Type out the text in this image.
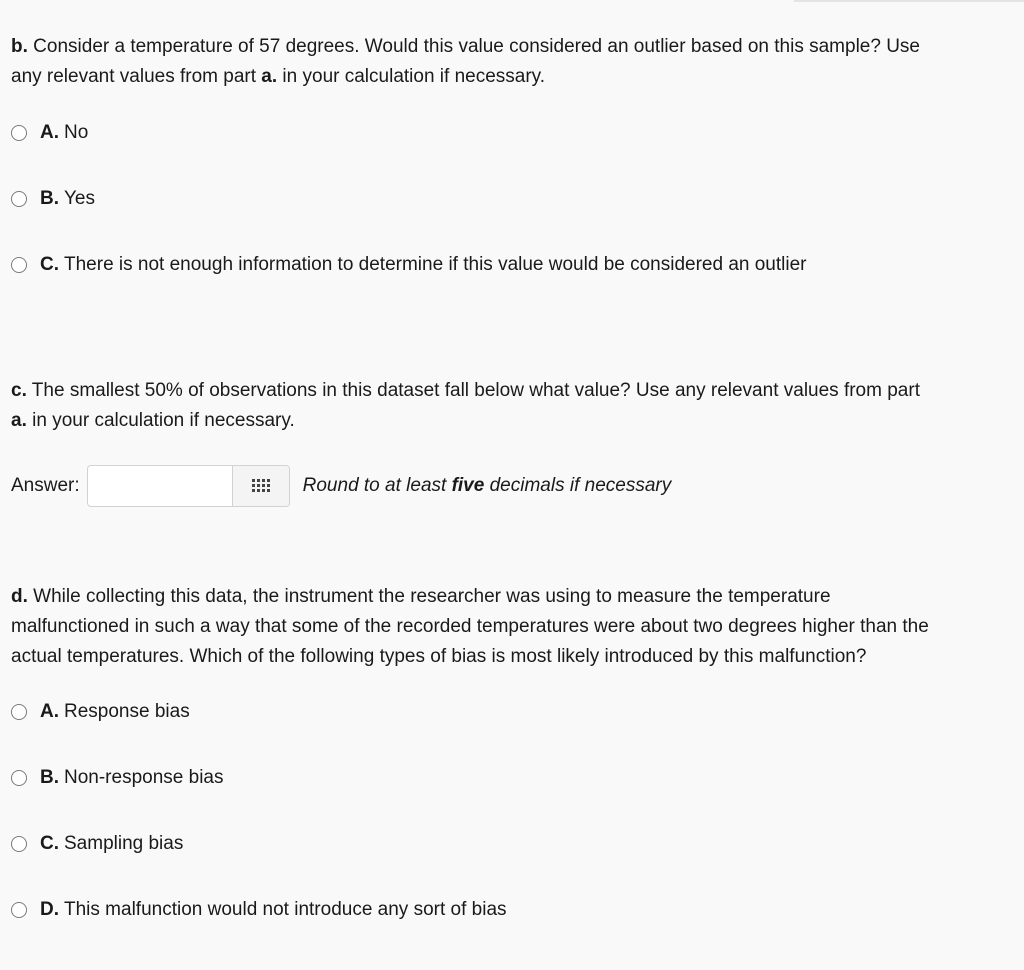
b. Consider a temperature of 57 degrees. Would this value considered an outlier based on this sample? Use
any relevant values from part a. in your calculation if necessary.
A. No
B. Yes
C. There is not enough information to determine if this value would be considered an outlier
c. The smallest 50% of observations in this dataset fall below what value? Use any relevant values from part
a. in your calculation if necessary.
Answer:	Round to at least five decimals if necessary
d. While collecting this data, the instrument the researcher was using to measure the temperature
malfunctioned in such a way that some of the recorded temperatures were about two degrees higher than the
actual temperatures. Which of the following types of bias is most likely introduced by this malfunction?
A. Response bias
B. Non-response bias
C. Sampling bias
D. This malfunction would not introduce any sort of bias
